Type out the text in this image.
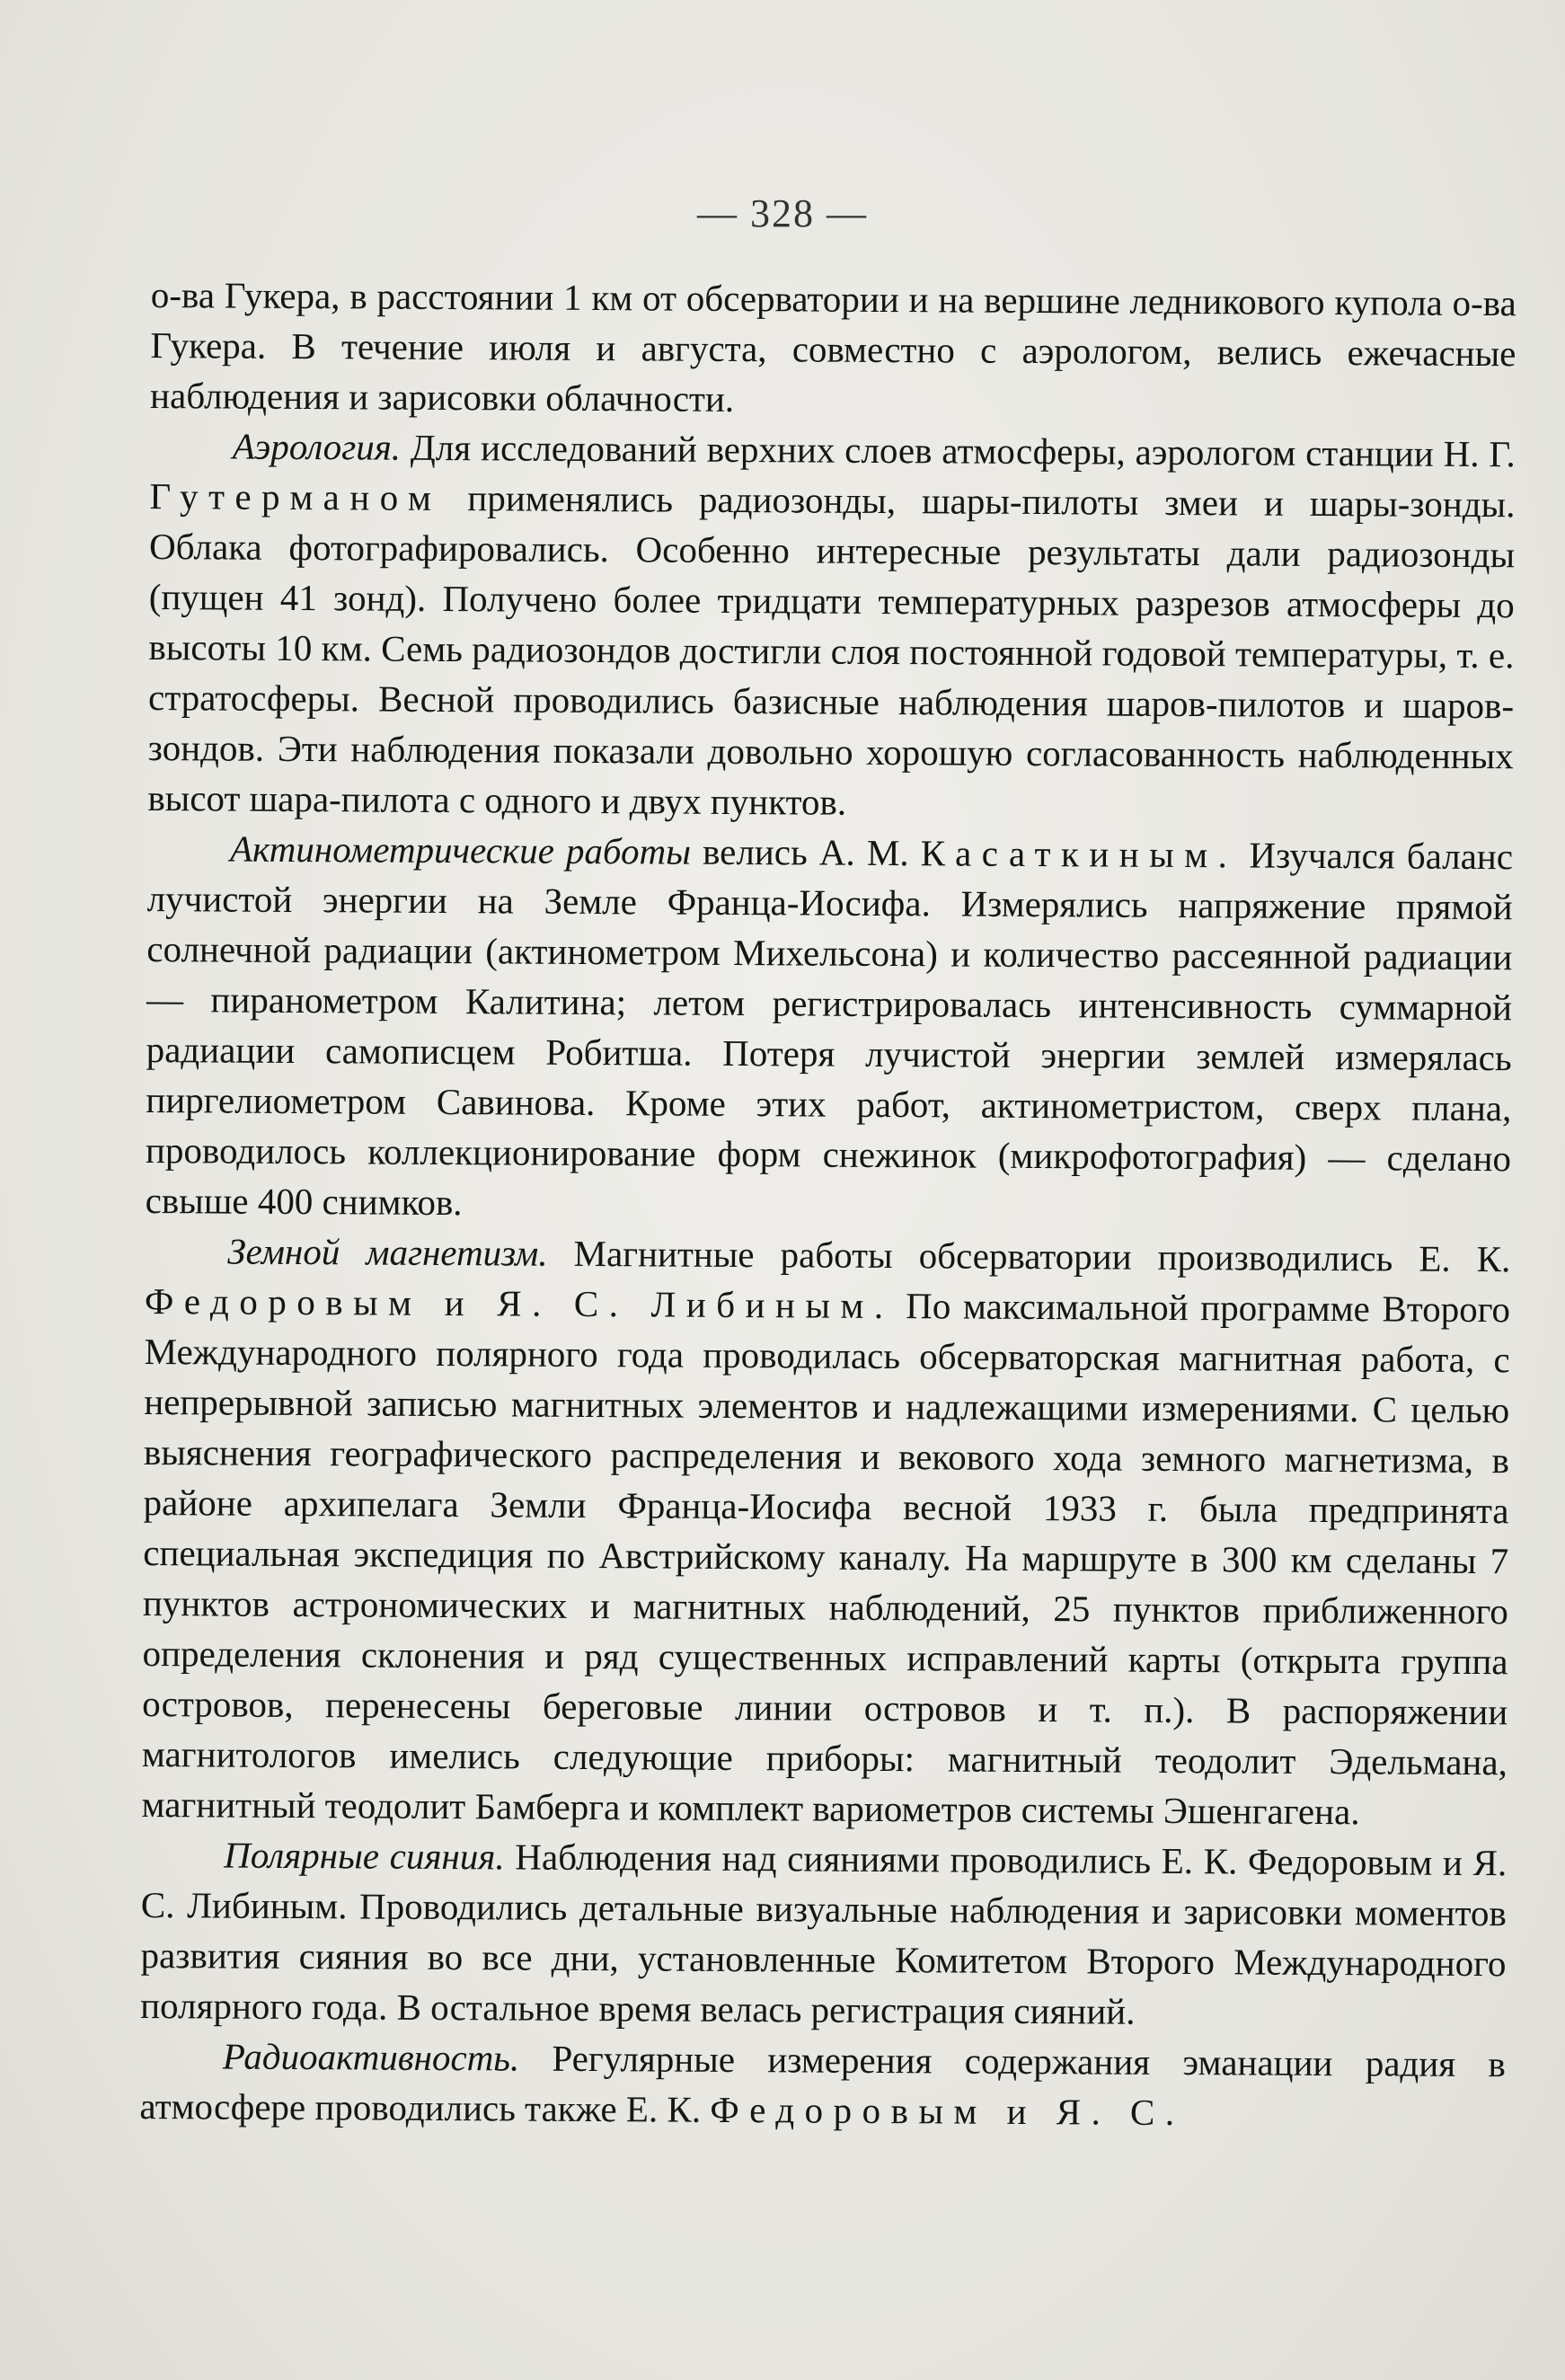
— 328 —

о-ва Гукера, в расстоянии 1 км от обсерватории и на вершине ледникового купола о-ва Гукера. В течение июля и августа, совместно с аэрологом, велись ежечасные наблюдения и зарисовки облачности.

Аэрология. Для исследований верхних слоев атмосферы, аэрологом станции Н. Г. Гутерманом применялись радиозонды, шары-пилоты змеи и шары-зонды. Облака фотографировались. Особенно интересные результаты дали радиозонды (пущен 41 зонд). Получено более тридцати температурных разрезов атмосферы до высоты 10 км. Семь радиозондов достигли слоя постоянной годовой температуры, т. е. стратосферы. Весной проводились базисные наблюдения шаров-пилотов и шаров-зондов. Эти наблюдения показали довольно хорошую согласованность наблюденных высот шара-пилота с одного и двух пунктов.

Актинометрические работы велись А. М. Касаткиным. Изучался баланс лучистой энергии на Земле Франца-Иосифа. Измерялись напряжение прямой солнечной радиации (актинометром Михельсона) и количество рассеянной радиации — пиранометром Калитина; летом регистрировалась интенсивность суммарной радиации самописцем Робитша. Потеря лучистой энергии землей измерялась пиргелиометром Савинова. Кроме этих работ, актинометристом, сверх плана, проводилось коллекционирование форм снежинок (микрофотография) — сделано свыше 400 снимков.

Земной магнетизм. Магнитные работы обсерватории производились Е. К. Федоровым и Я. С. Либиным. По максимальной программе Второго Международного полярного года проводилась обсерваторская магнитная работа, с непрерывной записью магнитных элементов и надлежащими измерениями. С целью выяснения географического распределения и векового хода земного магнетизма, в районе архипелага Земли Франца-Иосифа весной 1933 г. была предпринята специальная экспедиция по Австрийскому каналу. На маршруте в 300 км сделаны 7 пунктов астрономических и магнитных наблюдений, 25 пунктов приближенного определения склонения и ряд существенных исправлений карты (открыта группа островов, перенесены береговые линии островов и т. п.). В распоряжении магнитологов имелись следующие приборы: магнитный теодолит Эдельмана, магнитный теодолит Бамберга и комплект вариометров системы Эшенгагена.

Полярные сияния. Наблюдения над сияниями проводились Е. К. Федоровым и Я. С. Либиным. Проводились детальные визуальные наблюдения и зарисовки моментов развития сияния во все дни, установленные Комитетом Второго Международного полярного года. В остальное время велась регистрация сияний.

Радиоактивность. Регулярные измерения содержания эманации радия в атмосфере проводились также Е. К. Федоровым и Я. С.
